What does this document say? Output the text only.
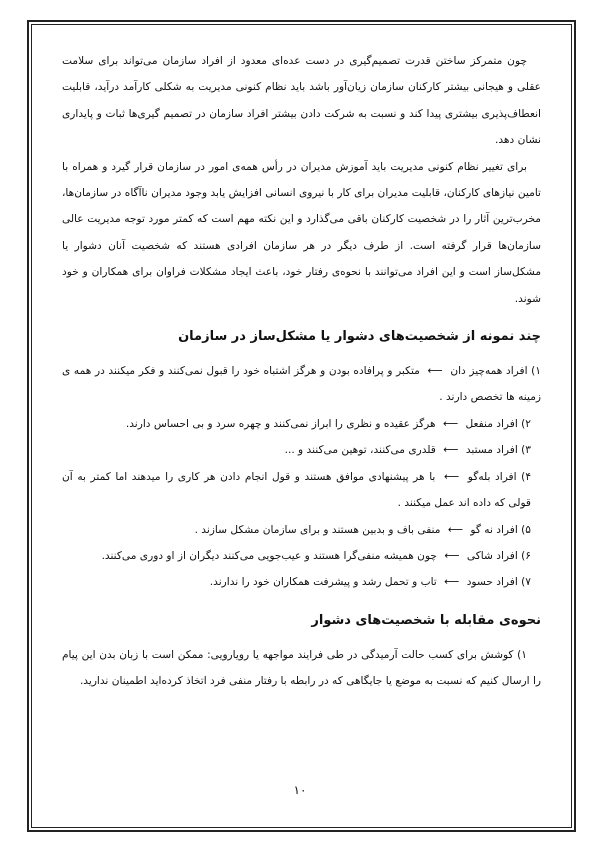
چون متمرکز ساختن قدرت تصمیم‌گیری در دست عده‌ای معدود از افراد سازمان می‌تواند برای سلامت عقلی و هیجانی بیشتر کارکنان سازمان زیان‌آور باشد باید نظام کنونی مدیریت به شکلی کارآمد درآید، قابلیت انعطاف‌پذیری بیشتری پیدا کند و نسبت به شرکت دادن بیشتر افراد سازمان در تصمیم گیری‌ها ثبات و پایداری نشان دهد.

برای تغییر نظام کنونی مدیریت باید آموزش مدیران در رأس همه‌ی امور در سازمان قرار گیرد و همراه با تامین نیازهای کارکنان، قابلیت مدیران برای کار با نیروی انسانی افزایش یابد وجود مدیران ناآگاه در سازمان‌ها، مخرب‌ترین آثار را در شخصیت کارکنان باقی می‌گذارد و این نکته مهم است که کمتر مورد توجه مدیریت عالی سازمان‌ها قرار گرفته است. از طرف دیگر در هر سازمان افرادی هستند که شخصیت آنان دشوار یا مشکل‌ساز است و این افراد می‌توانند با نحوه‌ی رفتار خود، باعث ایجاد مشکلات فراوان برای همکاران و خود شوند.

چند نمونه از شخصیت‌های دشوار یا مشکل‌ساز در سازمان
۱) افراد همه‌چیز دان ⟵ متکبر و پرافاده بودن و هرگز اشتباه خود را قبول نمی‌کنند و فکر میکنند در همه ی زمینه ها تخصص دارند .
۲) افراد منفعل ⟵ هرگز عقیده و نظری را ابراز نمی‌کنند و چهره سرد و بی احساس دارند.
۳) افراد مستبد ⟵ قلدری می‌کنند، توهین می‌کنند و ...
۴) افراد بله‌گو ⟵ با هر پیشنهادی موافق هستند و قول انجام دادن هر کاری را میدهند اما کمتر به آن قولی که داده اند عمل میکنند .
۵) افراد نه گو ⟵ منفی باف و بدبین هستند و برای سازمان مشکل سازند .
۶) افراد شاکی ⟵ چون همیشه منفی‌گرا هستند و عیب‌جویی می‌کنند دیگران از او دوری می‌کنند.
۷) افراد حسود ⟵ تاب و تحمل رشد و پیشرفت همکاران خود را ندارند.
نحوه‌ی مقابله با شخصیت‌های دشوار

۱) کوشش برای کسب حالت آرمیدگی در طی فرایند مواجهه یا رویارویی: ممکن است با زبان بدن این پیام را ارسال کنیم که نسبت به موضع یا جایگاهی که در رابطه با رفتار منفی فرد اتخاذ کرده‌اید اطمینان ندارید.

۱۰
